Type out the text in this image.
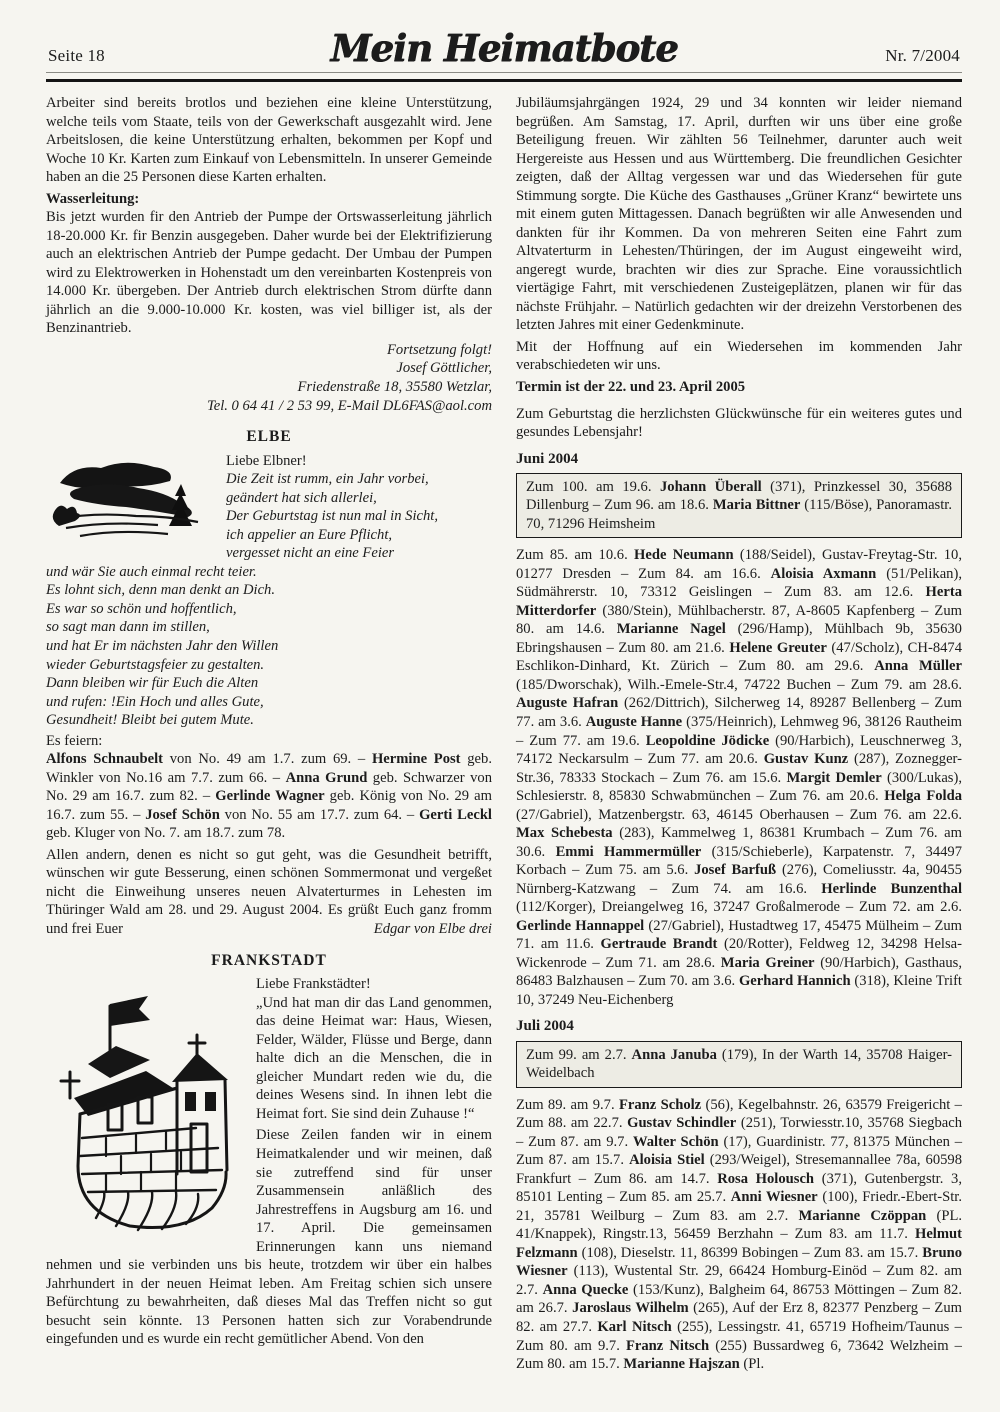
Seite 18	Mein Heimatbote	Nr. 7/2004

Arbeiter sind bereits brotlos und beziehen eine kleine Unterstützung, welche teils vom Staate, teils von der Gewerkschaft ausgezahlt wird. Jene Arbeitslosen, die keine Unterstützung erhalten, bekommen per Kopf und Woche 10 Kr. Karten zum Einkauf von Lebensmitteln. In unserer Gemeinde haben an die 25 Personen diese Karten erhalten.

Wasserleitung:

Bis jetzt wurden fir den Antrieb der Pumpe der Ortswasserleitung jährlich 18-20.000 Kr. fir Benzin ausgegeben. Daher wurde bei der Elektrifizierung auch an elektrischen Antrieb der Pumpe gedacht. Der Umbau der Pumpen wird zu Elektrowerken in Hohenstadt um den vereinbarten Kostenpreis von 14.000 Kr. übergeben. Der Antrieb durch elektrischen Strom dürfte dann jährlich an die 9.000-10.000 Kr. kosten, was viel billiger ist, als der Benzinantrieb.

Fortsetzung folgt!
Josef Göttlicher,
Friedenstraße 18, 35580 Wetzlar,
Tel. 0 64 41 / 2 53 99, E-Mail DL6FAS@aol.com
ELBE
Liebe Elbner!
Die Zeit ist rumm, ein Jahr vorbei,
geändert hat sich allerlei,
Der Geburtstag ist nun mal in Sicht,
ich appelier an Eure Pflicht,
vergesset nicht an eine Feier
und wär Sie auch einmal recht teier.
Es lohnt sich, denn man denkt an Dich.
Es war so schön und hoffentlich,
so sagt man dann im stillen,
und hat Er im nächsten Jahr den Willen
wieder Geburtstagsfeier zu gestalten.
Dann bleiben wir für Euch die Alten
und rufen: !Ein Hoch und alles Gute,
Gesundheit! Bleibt bei gutem Mute.
Es feiern:

Alfons Schnaubelt von No. 49 am 1.7. zum 69. – Hermine Post geb. Winkler von No.16 am 7.7. zum 66. – Anna Grund geb. Schwarzer von No. 29 am 16.7. zum 82. – Gerlinde Wagner geb. König von No. 29 am 16.7. zum 55. – Josef Schön von No. 55 am 17.7. zum 64. – Gerti Leckl geb. Kluger von No. 7. am 18.7. zum 78.

Allen andern, denen es nicht so gut geht, was die Gesundheit betrifft, wünschen wir gute Besserung, einen schönen Sommermonat und vergeßet nicht die Einweihung unseres neuen Alvaterturmes in Lehesten im Thüringer Wald am 28. und 29. August 2004. Es grüßt Euch ganz fromm und frei Euer	Edgar von Elbe drei

FRANKSTADT
Liebe Frankstädter!

„Und hat man dir das Land genommen, das deine Heimat war: Haus, Wiesen, Felder, Wälder, Flüsse und Berge, dann halte dich an die Menschen, die in gleicher Mundart reden wie du, die deines Wesens sind. In ihnen lebt die Heimat fort. Sie sind dein Zuhause !“

Diese Zeilen fanden wir in einem Heimatkalender und wir meinen, daß sie zutreffend sind für unser Zusammensein anläßlich des Jahrestreffens in Augsburg am 16. und 17. April. Die gemeinsamen Erinnerungen kann uns niemand nehmen und sie verbinden uns bis heute, trotzdem wir über ein halbes Jahrhundert in der neuen Heimat leben. Am Freitag schien sich unsere Befürchtung zu bewahrheiten, daß dieses Mal das Treffen nicht so gut besucht sein könnte. 13 Personen hatten sich zur Vorabendrunde eingefunden und es wurde ein recht gemütlicher Abend. Von den

Jubiläumsjahrgängen 1924, 29 und 34 konnten wir leider niemand begrüßen. Am Samstag, 17. April, durften wir uns über eine große Beteiligung freuen. Wir zählten 56 Teilnehmer, darunter auch weit Hergereiste aus Hessen und aus Württemberg. Die freundlichen Gesichter zeigten, daß der Alltag vergessen war und das Wiedersehen für gute Stimmung sorgte. Die Küche des Gasthauses „Grüner Kranz“ bewirtete uns mit einem guten Mittagessen. Danach begrüßten wir alle Anwesenden und dankten für ihr Kommen. Da von mehreren Seiten eine Fahrt zum Altvaterturm in Lehesten/Thüringen, der im August eingeweiht wird, angeregt wurde, brachten wir dies zur Sprache. Eine voraussichtlich viertägige Fahrt, mit verschiedenen Zusteigeplätzen, planen wir für das nächste Frühjahr. – Natürlich gedachten wir der dreizehn Verstorbenen des letzten Jahres mit einer Gedenkminute.

Mit der Hoffnung auf ein Wiedersehen im kommenden Jahr verabschiedeten wir uns.

Termin ist der 22. und 23. April 2005

Zum Geburtstag die herzlichsten Glückwünsche für ein weiteres gutes und gesundes Lebensjahr!

Juni 2004
Zum 100. am 19.6. Johann Überall (371), Prinzkessel 30, 35688 Dillenburg – Zum 96. am 18.6. Maria Bittner (115/Böse), Panoramastr. 70, 71296 Heimsheim

Zum 85. am 10.6. Hede Neumann (188/Seidel), Gustav-Freytag-Str. 10, 01277 Dresden – Zum 84. am 16.6. Aloisia Axmann (51/Pelikan), Südmährerstr. 10, 73312 Geislingen – Zum 83. am 12.6. Herta Mitterdorfer (380/Stein), Mühlbacherstr. 87, A-8605 Kapfenberg – Zum 80. am 14.6. Marianne Nagel (296/Hamp), Mühlbach 9b, 35630 Ebringshausen – Zum 80. am 21.6. Helene Greuter (47/Scholz), CH-8474 Eschlikon-Dinhard, Kt. Zürich – Zum 80. am 29.6. Anna Müller (185/Dworschak), Wilh.-Emele-Str.4, 74722 Buchen – Zum 79. am 28.6. Auguste Hafran (262/Dittrich), Silcherweg 14, 89287 Bellenberg – Zum 77. am 3.6. Auguste Hanne (375/Heinrich), Lehmweg 96, 38126 Rautheim – Zum 77. am 19.6. Leopoldine Jödicke (90/Harbich), Leuschnerweg 3, 74172 Neckarsulm – Zum 77. am 20.6. Gustav Kunz (287), Zoznegger-Str.36, 78333 Stockach – Zum 76. am 15.6. Margit Demler (300/Lukas), Schlesierstr. 8, 85830 Schwabmünchen – Zum 76. am 20.6. Helga Folda (27/Gabriel), Matzenbergstr. 63, 46145 Oberhausen – Zum 76. am 22.6. Max Schebesta (283), Kammelweg 1, 86381 Krumbach – Zum 76. am 30.6. Emmi Hammermüller (315/Schieberle), Karpatenstr. 7, 34497 Korbach – Zum 75. am 5.6. Josef Barfuß (276), Comeliusstr. 4a, 90455 Nürnberg-Katzwang – Zum 74. am 16.6. Herlinde Bunzenthal (112/Korger), Dreiangelweg 16, 37247 Großalmerode – Zum 72. am 2.6. Gerlinde Hannappel (27/Gabriel), Hustadtweg 17, 45475 Mülheim – Zum 71. am 11.6. Gertraude Brandt (20/Rotter), Feldweg 12, 34298 Helsa-Wickenrode – Zum 71. am 28.6. Maria Greiner (90/Harbich), Gasthaus, 86483 Balzhausen – Zum 70. am 3.6. Gerhard Hannich (318), Kleine Trift 10, 37249 Neu-Eichenberg

Juli 2004
Zum 99. am 2.7. Anna Januba (179), In der Warth 14, 35708 Haiger-Weidelbach

Zum 89. am 9.7. Franz Scholz (56), Kegelbahnstr. 26, 63579 Freigericht – Zum 88. am 22.7. Gustav Schindler (251), Torwiesstr.10, 35768 Siegbach – Zum 87. am 9.7. Walter Schön (17), Guardinistr. 77, 81375 München – Zum 87. am 15.7. Aloisia Stiel (293/Weigel), Stresemannallee 78a, 60598 Frankfurt – Zum 86. am 14.7. Rosa Holousch (371), Gutenbergstr. 3, 85101 Lenting – Zum 85. am 25.7. Anni Wiesner (100), Friedr.-Ebert-Str. 21, 35781 Weilburg – Zum 83. am 2.7. Marianne Czöppan (PL. 41/Knappek), Ringstr.13, 56459 Berzhahn – Zum 83. am 11.7. Helmut Felzmann (108), Dieselstr. 11, 86399 Bobingen – Zum 83. am 15.7. Bruno Wiesner (113), Wustental Str. 29, 66424 Homburg-Einöd – Zum 82. am 2.7. Anna Quecke (153/Kunz), Balgheim 64, 86753 Möttingen – Zum 82. am 26.7. Jaroslaus Wilhelm (265), Auf der Erz 8, 82377 Penzberg – Zum 82. am 27.7. Karl Nitsch (255), Lessingstr. 41, 65719 Hofheim/Taunus – Zum 80. am 9.7. Franz Nitsch (255) Bussardweg 6, 73642 Welzheim – Zum 80. am 15.7. Marianne Hajszan (Pl.
